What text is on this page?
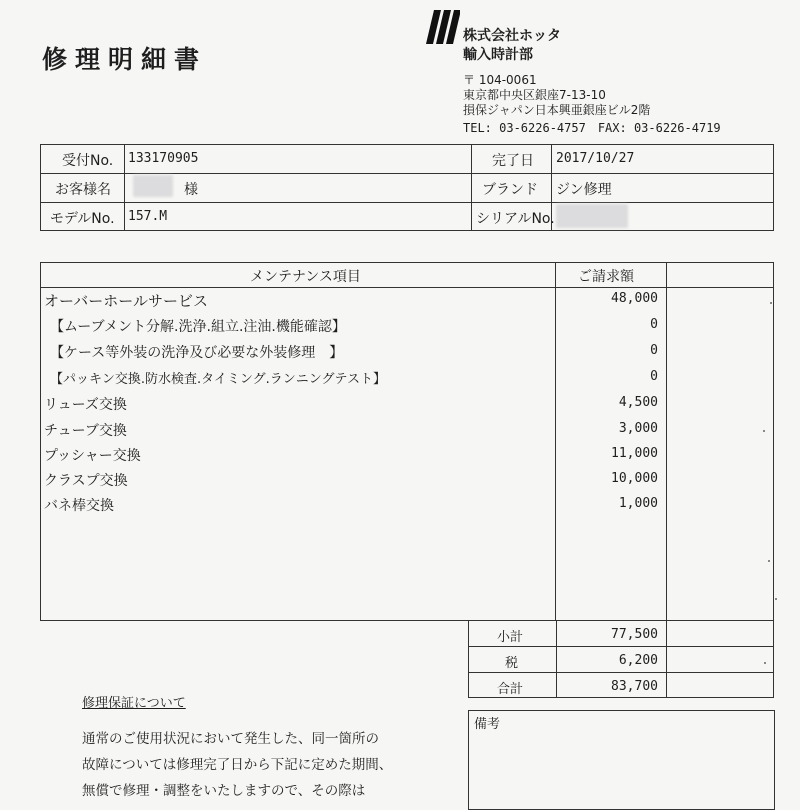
修理明細書
株式会社ホッタ
輸入時計部
〒 104-0061
東京都中央区銀座7-13-10
損保ジャパン日本興亜銀座ビル2階
TEL: 03-6226-4757　FAX: 03-6226-4719
受付No. 133170905	完了日 2017/10/27
お客様名	様	ブランド ジン修理
モデルNo. 157.M	シリアルNo.
メンテナンス項目	ご請求額
オーバーホールサービス	48,000
【ムーブメント分解.洗浄.組立.注油.機能確認】	0
【ケース等外装の洗浄及び必要な外装修理　】	0
【パッキン交換.防水検査.タイミング.ランニングテスト】	0
リューズ交換	4,500
チューブ交換	3,000
プッシャー交換	11,000
クラスプ交換	10,000
バネ棒交換	1,000
小計	77,500
税	6,200
合計	83,700
修理保証について
通常のご使用状況において発生した、同一箇所の
故障については修理完了日から下記に定めた期間、
無償で修理・調整をいたしますので、その際は
備考
